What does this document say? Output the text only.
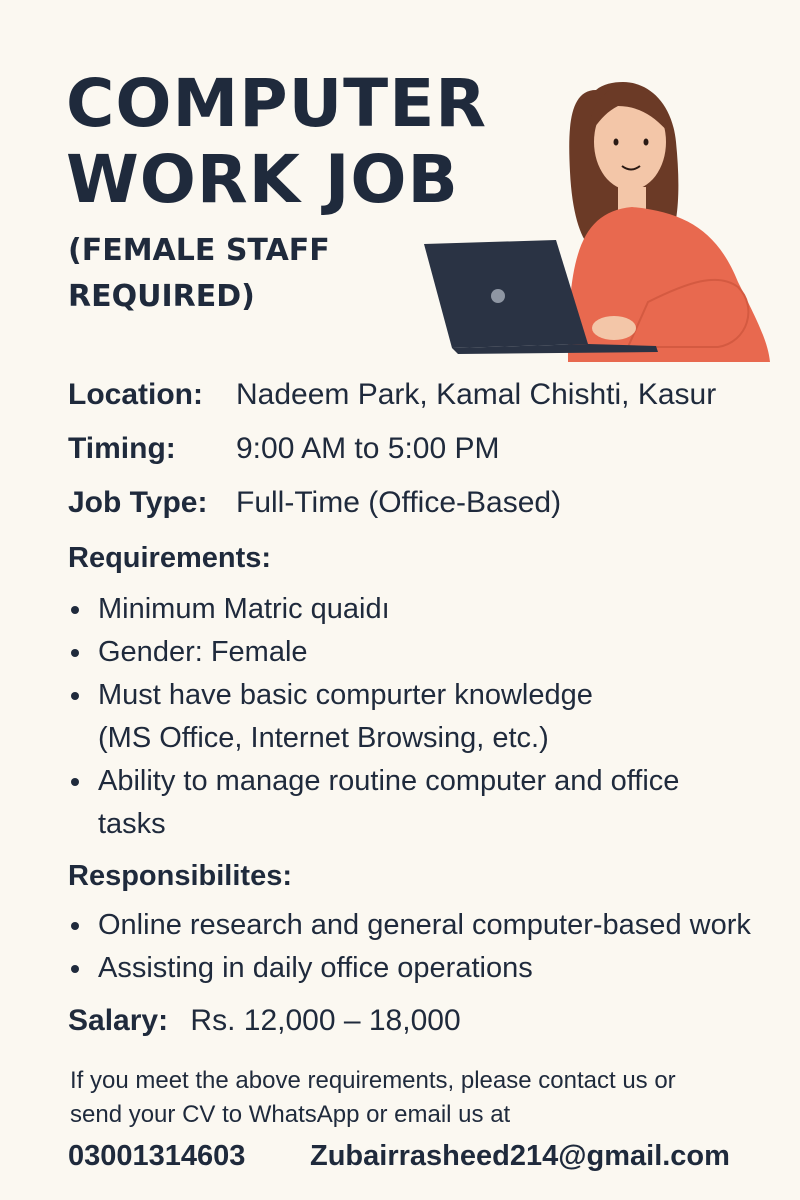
COMPUTER
WORK JOB
(FEMALE STAFF
REQUIRED)
Location: Nadeem Park, Kamal Chishti, Kasur
Timing: 9:00 AM to 5:00 PM
Job Type: Full-Time (Office-Based)
Requirements:
Minimum Matric quaidı
Gender: Female
Must have basic compurter knowledge
(MS Office, Internet Browsing, etc.)
Ability to manage routine computer and office
tasks
Responsibilites:
Online research and general computer-based work
Assisting in daily office operations
Salary: Rs. 12,000 – 18,000
If you meet the above requirements, please contact us or send your CV to WhatsApp or email us at
03001314603 Zubairrasheed214@gmail.com
